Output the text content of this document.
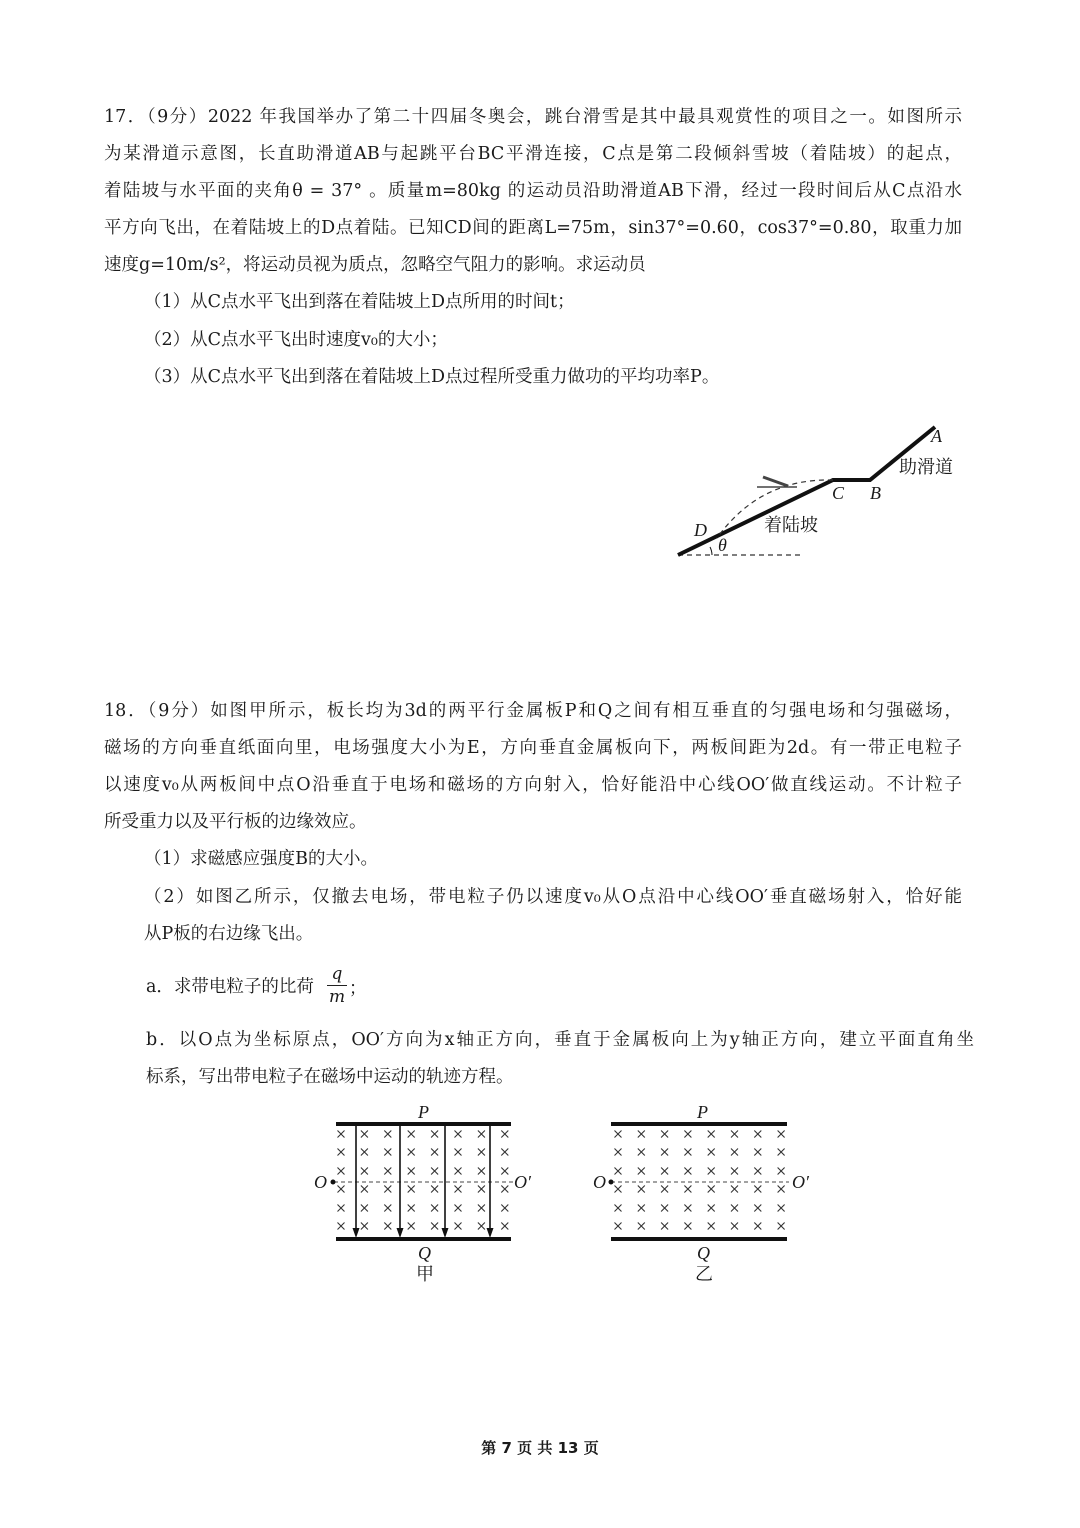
17．（9分）2022 年我国举办了第二十四届冬奥会，跳台滑雪是其中最具观赏性的项目之一。如图所示
为某滑道示意图，长直助滑道AB与起跳平台BC平滑连接，C点是第二段倾斜雪坡（着陆坡）的起点，
着陆坡与水平面的夹角θ = 37° 。质量m=80kg 的运动员沿助滑道AB下滑，经过一段时间后从C点沿水
平方向飞出，在着陆坡上的D点着陆。已知CD间的距离L=75m，sin37°=0.60，cos37°=0.80，取重力加
速度g=10m/s²，将运动员视为质点，忽略空气阻力的影响。求运动员
（1）从C点水平飞出到落在着陆坡上D点所用的时间t；
（2）从C点水平飞出时速度v₀的大小；
（3）从C点水平飞出到落在着陆坡上D点过程所受重力做功的平均功率P。
A
助滑道
C B
着陆坡
D
θ
P
O	O′
Q
甲
P
O	O′
Q
乙
18．（9分）如图甲所示，板长均为3d的两平行金属板P和Q之间有相互垂直的匀强电场和匀强磁场，
磁场的方向垂直纸面向里，电场强度大小为E，方向垂直金属板向下，两板间距为2d。有一带正电粒子
以速度v₀从两板间中点O沿垂直于电场和磁场的方向射入，恰好能沿中心线OO′做直线运动。不计粒子
所受重力以及平行板的边缘效应。
（1）求磁感应强度B的大小。
（2）如图乙所示，仅撤去电场，带电粒子仍以速度v₀从O点沿中心线OO′垂直磁场射入，恰好能
从P板的右边缘飞出。
a．求带电粒子的比荷
q
m ；
b．以O点为坐标原点，OO′方向为x轴正方向，垂直于金属板向上为y轴正方向，建立平面直角坐
标系，写出带电粒子在磁场中运动的轨迹方程。
第 7 页 共 13 页
